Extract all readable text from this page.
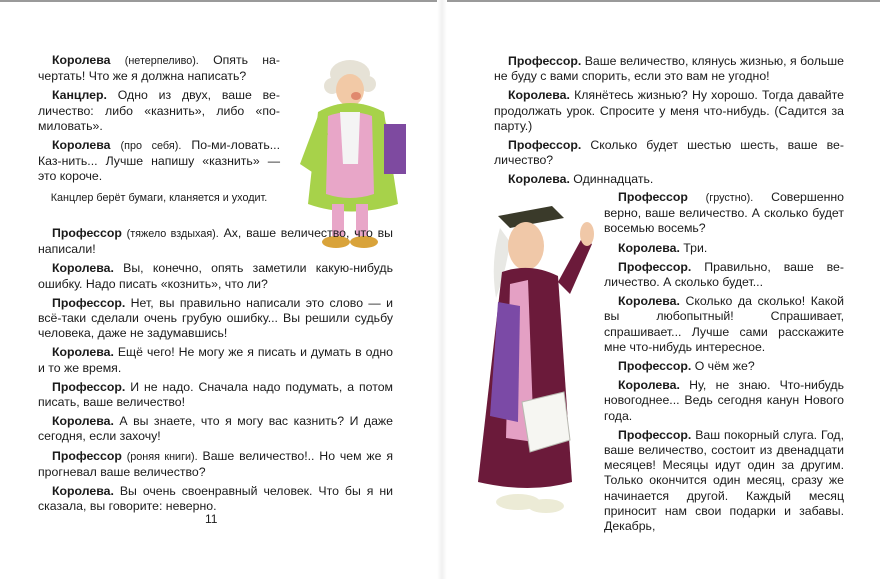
Королева (нетерпеливо). Опять начертать! Что же я должна написать?

Канцлер. Одно из двух, ваше величество: либо «казнить», либо «помиловать».

Королева (про себя). По-ми-ловать... Каз-нить... Лучше напишу «казнить» — это короче.

Канцлер берёт бумаги, кланяется и уходит.

Профессор (тяжело вздыхая). Ах, ваше величество, что вы написали!

Королева. Вы, конечно, опять заметили какую-нибудь ошибку. Надо писать «кознить», что ли?

Профессор. Нет, вы правильно написали это слово — и всё-таки сделали очень грубую ошибку... Вы решили судьбу человека, даже не задумавшись!

Королева. Ещё чего! Не могу же я писать и думать в одно и то же время.

Профессор. И не надо. Сначала надо подумать, а потом писать, ваше величество!

Королева. А вы знаете, что я могу вас казнить? И даже сегодня, если захочу!

Профессор (роняя книги). Ваше величество!.. Но чем же я прогневал ваше величество?

Королева. Вы очень своенравный человек. Что бы я ни сказала, вы говорите: неверно.

11

Профессор. Ваше величество, клянусь жизнью, я больше не буду с вами спорить, если это вам не угодно!

Королева. Клянётесь жизнью? Ну хорошо. Тогда давайте продолжать урок. Спросите у меня что-нибудь. (Садится за парту.)

Профессор. Сколько будет шестью шесть, ваше величество?

Королева. Одиннадцать.

Профессор (грустно). Совершенно верно, ваше величество. А сколько будет восемью восемь?

Королева. Три.

Профессор. Правильно, ваше величество. А сколько будет...

Королева. Сколько да сколько! Какой вы любопытный! Спрашивает, спрашивает... Лучше сами расскажите мне что-нибудь интересное.

Профессор. О чём же?

Королева. Ну, не знаю. Что-нибудь новогоднее... Ведь сегодня канун Нового года.

Профессор. Ваш покорный слуга. Год, ваше величество, состоит из двенадцати месяцев! Месяцы идут один за другим. Только окончится один месяц, сразу же начинается другой. Каждый месяц приносит нам свои подарки и забавы. Декабрь,
